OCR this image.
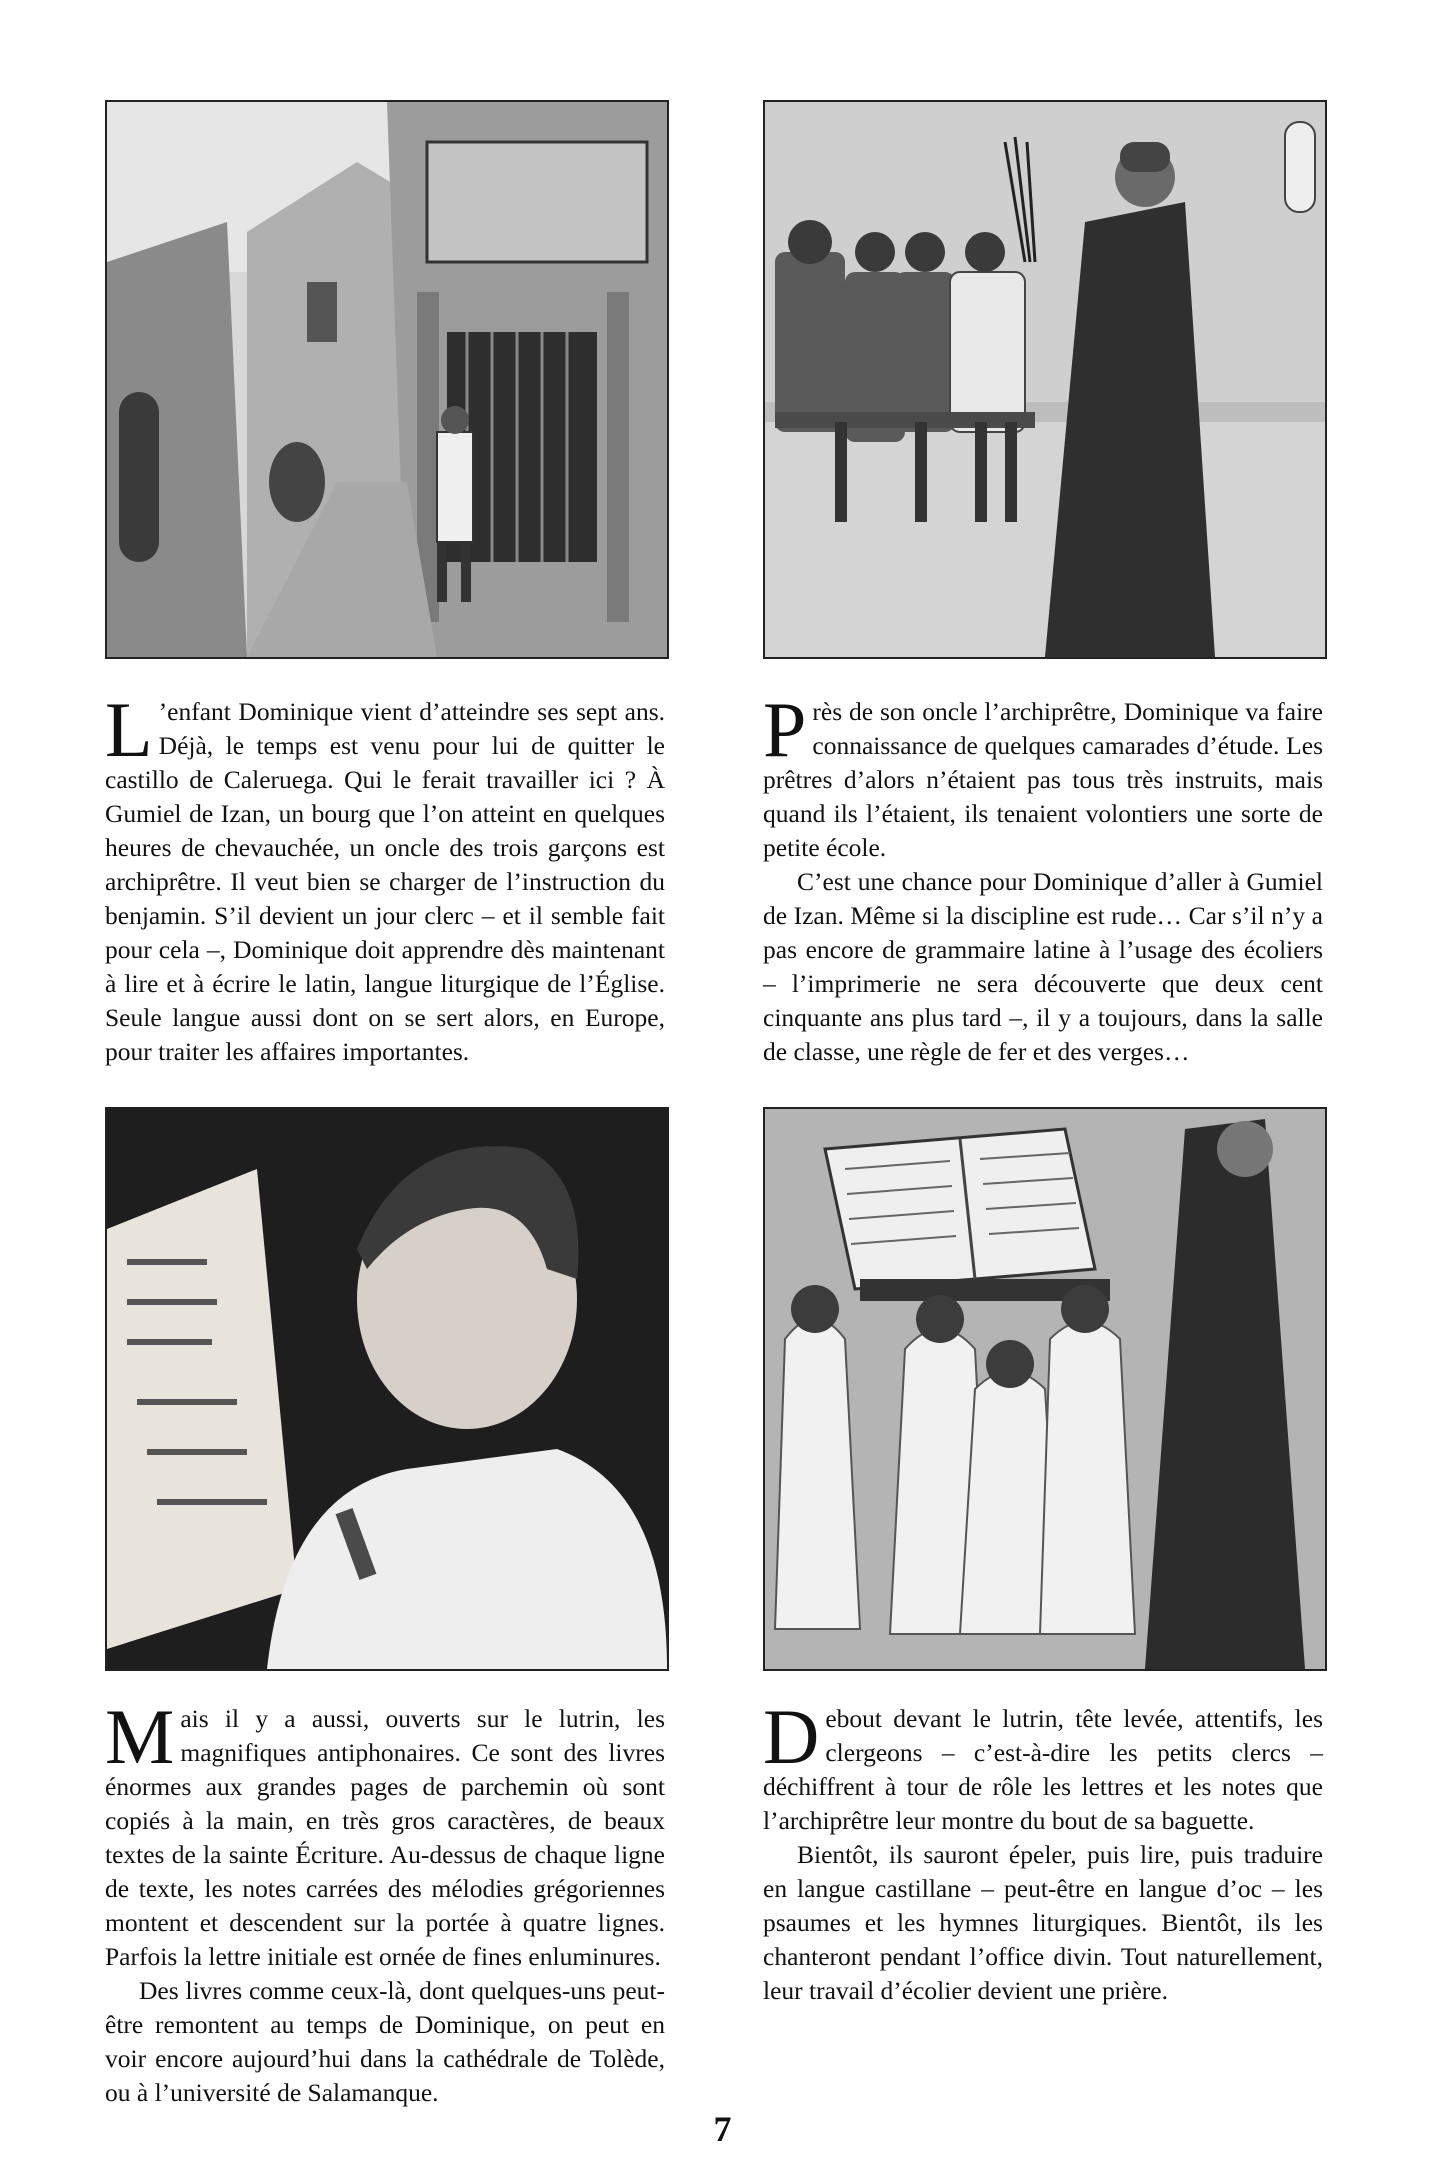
L ’enfant Dominique vient d’atteindre ses sept ans. Déjà, le temps est venu pour lui de quitter le castillo de Caleruega. Qui le ferait travailler ici ? À Gumiel de Izan, un bourg que l’on atteint en quelques heures de chevauchée, un oncle des trois garçons est archiprêtre. Il veut bien se charger de l’instruction du benjamin. S’il devient un jour clerc – et il semble fait pour cela –, Dominique doit apprendre dès maintenant à lire et à écrire le latin, langue liturgique de l’Église. Seule langue aussi dont on se sert alors, en Europe, pour traiter les affaires importantes.

Près de son oncle l’archiprêtre, Dominique va faire connaissance de quelques camarades d’étude. Les prêtres d’alors n’étaient pas tous très instruits, mais quand ils l’étaient, ils tenaient volontiers une sorte de petite école.

C’est une chance pour Dominique d’aller à Gumiel de Izan. Même si la discipline est rude… Car s’il n’y a pas encore de grammaire latine à l’usage des écoliers – l’imprimerie ne sera découverte que deux cent cinquante ans plus tard –, il y a toujours, dans la salle de classe, une règle de fer et des verges…

Mais il y a aussi, ouverts sur le lutrin, les magnifiques antiphonaires. Ce sont des livres énormes aux grandes pages de parchemin où sont copiés à la main, en très gros caractères, de beaux textes de la sainte Écriture. Au-dessus de chaque ligne de texte, les notes carrées des mélodies grégoriennes montent et descendent sur la portée à quatre lignes. Parfois la lettre initiale est ornée de fines enluminures.

Des livres comme ceux-là, dont quelques-uns peut-être remontent au temps de Dominique, on peut en voir encore aujourd’hui dans la cathédrale de Tolède, ou à l’université de Salamanque.

Debout devant le lutrin, tête levée, attentifs, les clergeons – c’est-à-dire les petits clercs – déchiffrent à tour de rôle les lettres et les notes que l’archiprêtre leur montre du bout de sa baguette.

Bientôt, ils sauront épeler, puis lire, puis traduire en langue castillane – peut-être en langue d’oc – les psaumes et les hymnes liturgiques. Bientôt, ils les chanteront pendant l’office divin. Tout naturellement, leur travail d’écolier devient une prière.

7
